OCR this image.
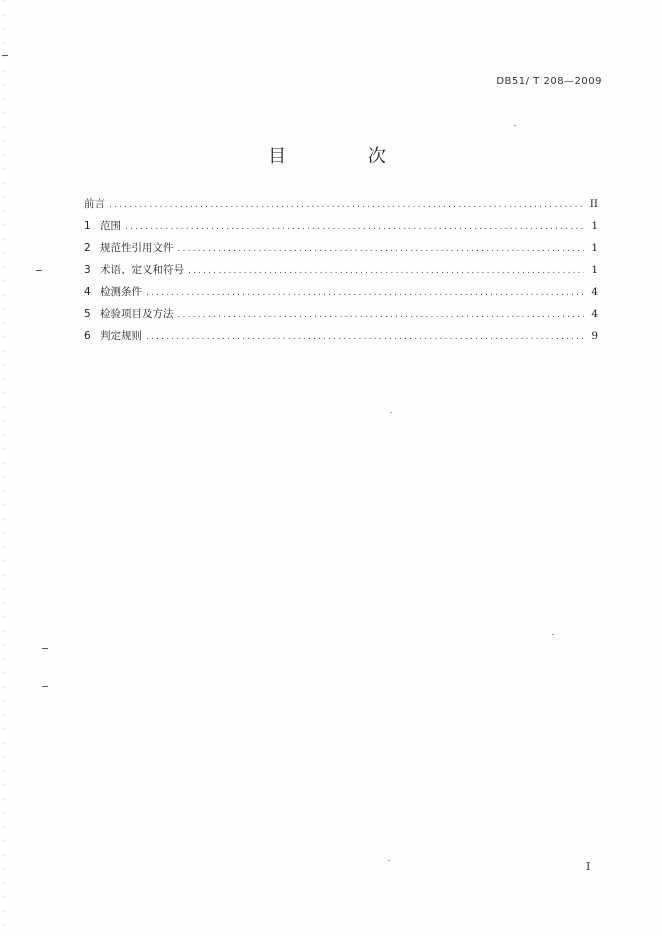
DB51/ T 208—2009
目 次
前言 .....	II
1 范围 .....	1
2 规范性引用文件 .....	1
3 术语、定义和符号 .....	1
4 检测条件 .....	4
5 检验项目及方法 .....	4
6 判定规则 .....	9
I
